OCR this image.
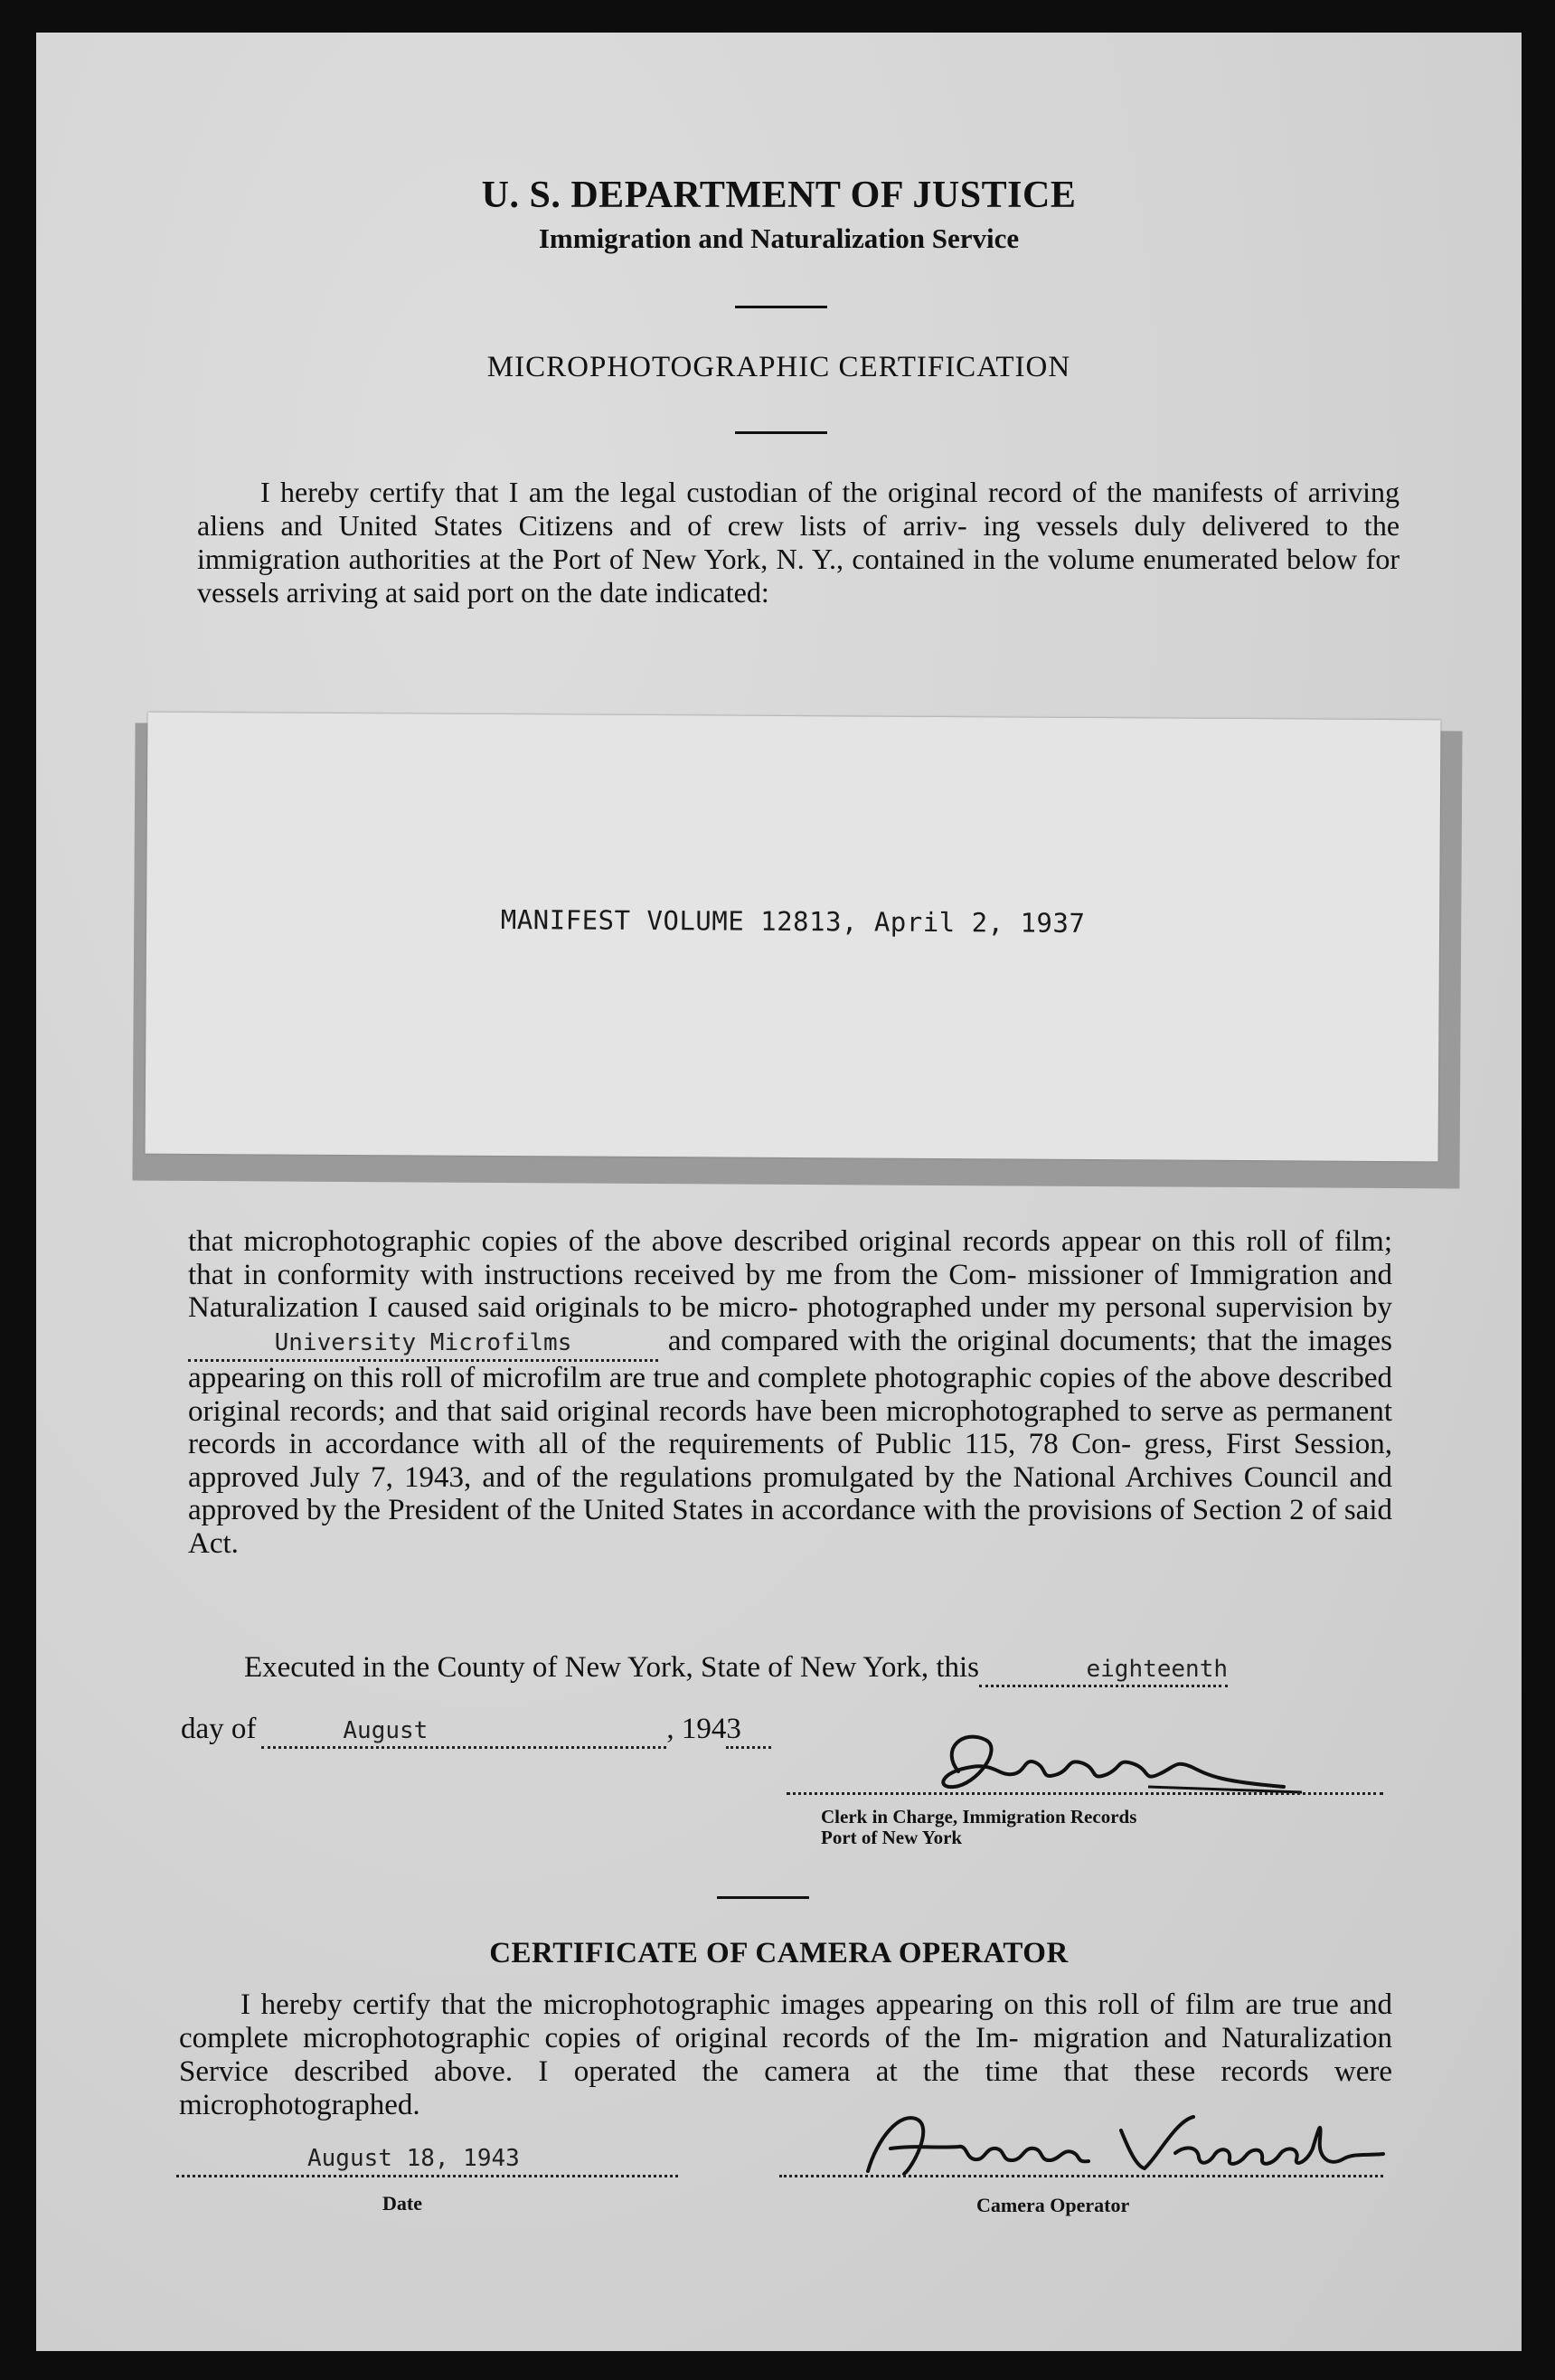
U. S. DEPARTMENT OF JUSTICE
Immigration and Naturalization Service
MICROPHOTOGRAPHIC CERTIFICATION
I hereby certify that I am the legal custodian of the original record of the manifests of arriving aliens and United States Citizens and of crew lists of arriv- ing vessels duly delivered to the immigration authorities at the Port of New York, N. Y., contained in the volume enumerated below for vessels arriving at said port on the date indicated:
MANIFEST VOLUME 12813, April 2, 1937
that microphotographic copies of the above described original records appear on this roll of film; that in conformity with instructions received by me from the Com- missioner of Immigration and Naturalization I caused said originals to be micro- photographed under my personal supervision byUniversity Microfilms	and compared with the original documents; that the images appearing on this roll of microfilm are true and complete photographic copies of the above described original records; and that said original records have been microphotographed to serve as permanent records in accordance with all of the requirements of Public 115, 78 Con- gress, First Session, approved July 7, 1943, and of the regulations promulgated by the National Archives Council and approved by the President of the United States in accordance with the provisions of Section 2 of said Act.
Executed in the County of New York, State of New York, this	eighteenth
day of	August	, 1943
Clerk in Charge, Immigration Records
Port of New York
CERTIFICATE OF CAMERA OPERATOR
I hereby certify that the microphotographic images appearing on this roll of film are true and complete microphotographic copies of original records of the Im- migration and Naturalization Service described above. I operated the camera at the time that these records were microphotographed.
August 18, 1943
Date	Camera Operator
